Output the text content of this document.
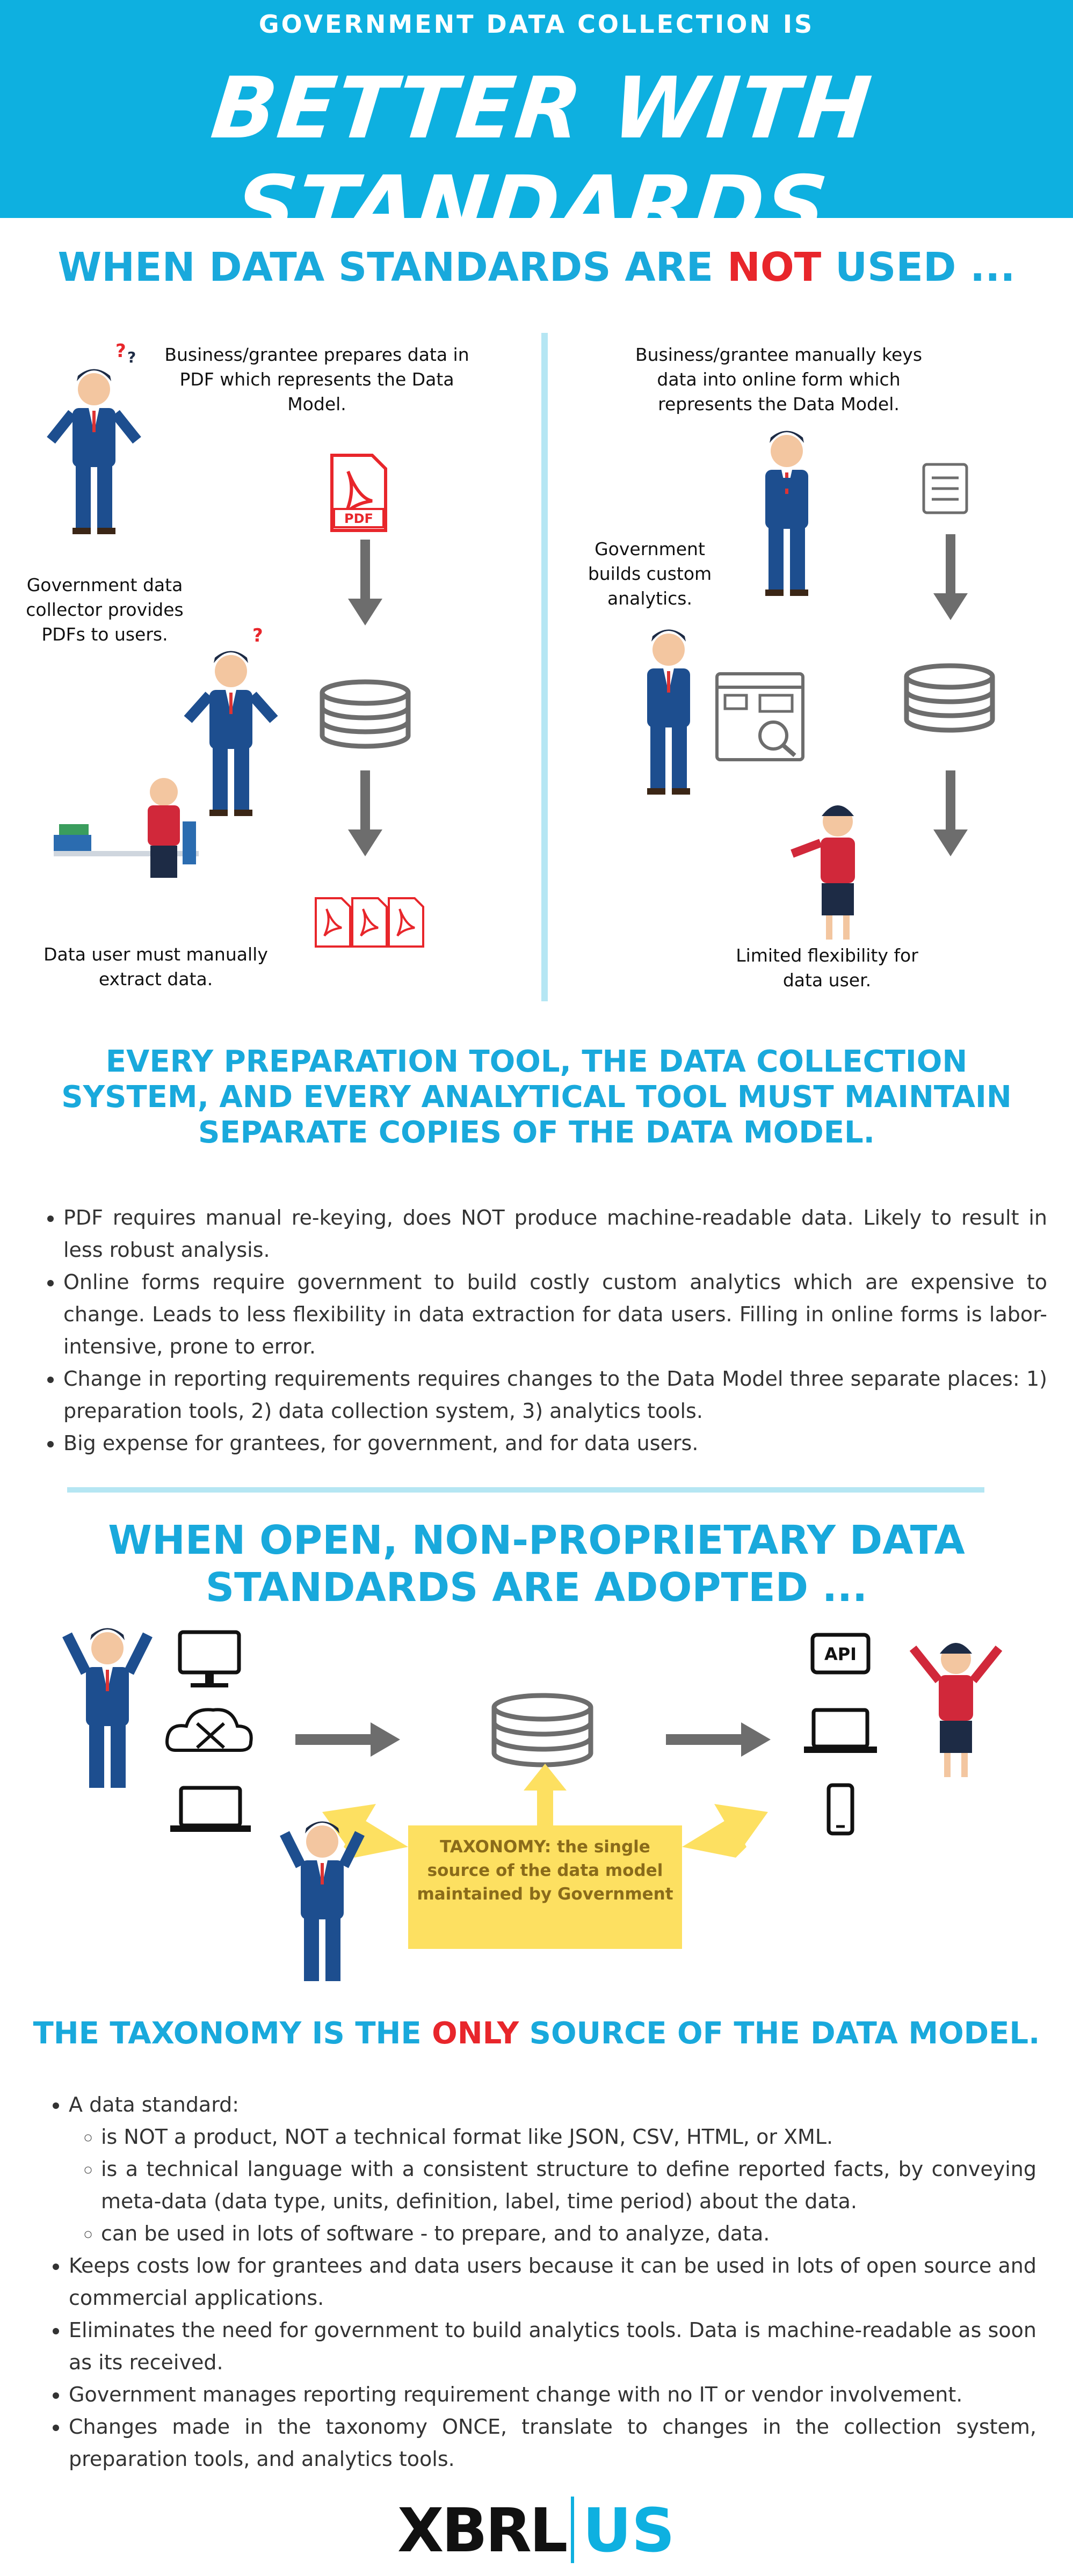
GOVERNMENT DATA COLLECTION IS
BETTER WITH STANDARDS
WHEN DATA STANDARDS ARE NOT USED ...
Business/grantee prepares data in PDF which represents the Data Model.
Government data collector provides PDFs to users.
Data user must manually extract data.
Business/grantee manually keys data into online form which represents the Data Model.
Government builds custom analytics.
Limited flexibility for data user.
? ?
PDF
?
EVERY PREPARATION TOOL, THE DATA COLLECTION SYSTEM, AND EVERY ANALYTICAL TOOL MUST MAINTAIN SEPARATE COPIES OF THE DATA MODEL.
• PDF requires manual re-keying, does NOT produce machine-readable data. Likely to result in less robust analysis.
• Online forms require government to build costly custom analytics which are expensive to change. Leads to less flexibility in data extraction for data users. Filling in online forms is labor-intensive, prone to error.
• Change in reporting requirements requires changes to the Data Model three separate places: 1) preparation tools, 2) data collection system, 3) analytics tools.
• Big expense for grantees, for government, and for data users.
WHEN OPEN, NON-PROPRIETARY DATA STANDARDS ARE ADOPTED ...
API
TAXONOMY: the single source of the data model maintained by Government
THE TAXONOMY IS THE ONLY SOURCE OF THE DATA MODEL.
• A data standard:
◦ is NOT a product, NOT a technical format like JSON, CSV, HTML, or XML.
◦ is a technical language with a consistent structure to define reported facts, by conveying meta-data (data type, units, definition, label, time period) about the data.
◦ can be used in lots of software - to prepare, and to analyze, data.
• Keeps costs low for grantees and data users because it can be used in lots of open source and commercial applications.
• Eliminates the need for government to build analytics tools. Data is machine-readable as soon as its received.
• Government manages reporting requirement change with no IT or vendor involvement.
• Changes made in the taxonomy ONCE, translate to changes in the collection system, preparation tools, and analytics tools.
XBRL US
